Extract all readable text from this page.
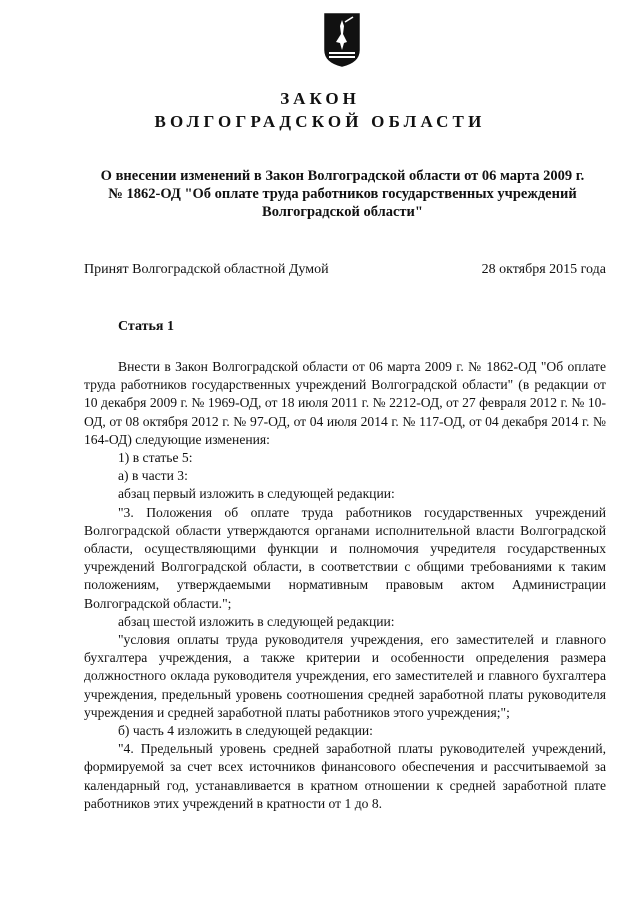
ЗАКОН
ВОЛГОГРАДСКОЙ ОБЛАСТИ
О внесении изменений в Закон Волгоградской области от 06 марта 2009 г.
№ 1862-ОД "Об оплате труда работников государственных учреждений
Волгоградской области"
Принят Волгоградской областной Думой	28 октября 2015 года
Статья 1
Внести в Закон Волгоградской области от 06 марта 2009 г. № 1862-ОД "Об оплате труда работников государственных учреждений Волгоградской области" (в редакции от 10 декабря 2009 г. № 1969-ОД, от 18 июля 2011 г. № 2212-ОД, от 27 февраля 2012 г. № 10-ОД, от 08 октября 2012 г. № 97-ОД, от 04 июля 2014 г. № 117-ОД, от 04 декабря 2014 г. № 164-ОД) следующие изменения:
1) в статье 5:
а) в части 3:
абзац первый изложить в следующей редакции:
"3. Положения об оплате труда работников государственных учреждений Волгоградской области утверждаются органами исполнительной власти Волгоградской области, осуществляющими функции и полномочия учредителя государственных учреждений Волгоградской области, в соответствии с общими требованиями к таким положениям, утверждаемыми нормативным правовым актом Администрации Волгоградской области.";
абзац шестой изложить в следующей редакции:
"условия оплаты труда руководителя учреждения, его заместителей и главного бухгалтера учреждения, а также критерии и особенности определения размера должностного оклада руководителя учреждения, его заместителей и главного бухгалтера учреждения, предельный уровень соотношения средней заработной платы руководителя учреждения и средней заработной платы работников этого учреждения;";
б) часть 4 изложить в следующей редакции:
"4. Предельный уровень средней заработной платы руководителей учреждений, формируемой за счет всех источников финансового обеспечения и рассчитываемой за календарный год, устанавливается в кратном отношении к средней заработной плате работников этих учреждений в кратности от 1 до 8.
